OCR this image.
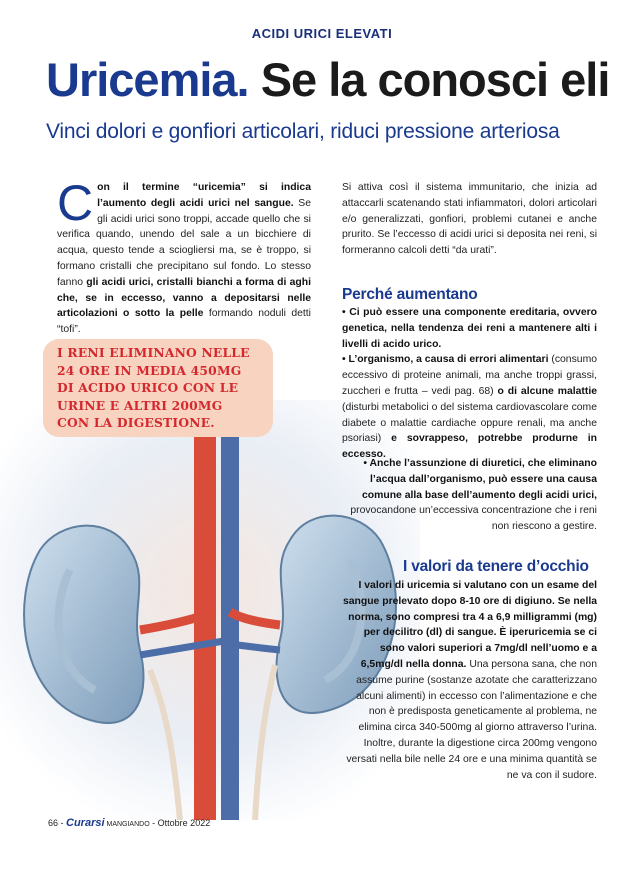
ACIDI URICI ELEVATI
Uricemia. Se la conosci eli
Vinci dolori e gonfiori articolari, riduci pressione arteriosa
I RENI ELIMINANO NELLE 24 ORE IN MEDIA 450MG DI ACIDO URICO CON LE URINE E ALTRI 200MG CON LA DIGESTIONE.

Con il termine “uricemia” si indica l’aumento degli acidi urici nel sangue. Se gli acidi urici sono troppi, accade quello che si verifica quando, unendo del sale a un bicchiere di acqua, questo tende a sciogliersi ma, se è troppo, si formano cristalli che precipitano sul fondo. Lo stesso fanno gli acidi urici, cristalli bianchi a forma di aghi che, se in eccesso, vanno a depositarsi nelle articolazioni o sotto la pelle formando noduli detti “tofi”.

Si attiva così il sistema immunitario, che inizia ad attaccarli scatenando stati infiammatori, dolori articolari e/o generalizzati, gonfiori, problemi cutanei e anche prurito. Se l’eccesso di acidi urici si deposita nei reni, si formeranno calcoli detti “da urati”.

Perché aumentano

• Ci può essere una componente ereditaria, ovvero genetica, nella tendenza dei reni a mantenere alti i livelli di acido urico.

• L’organismo, a causa di errori alimentari (consumo eccessivo di proteine animali, ma anche troppi grassi, zuccheri e frutta – vedi pag. 68) o di alcune malattie (disturbi metabolici o del sistema cardiovascolare come diabete o malattie cardiache oppure renali, ma anche psoriasi) e sovrappeso, potrebbe produrne in eccesso.

• Anche l’assunzione di diuretici, che eliminano l’acqua dall’organismo, può essere una causa comune alla base dell’aumento degli acidi urici, provocandone un’eccessiva concentrazione che i reni non riescono a gestire.

I valori da tenere d’occhio

I valori di uricemia si valutano con un esame del sangue prelevato dopo 8-10 ore di digiuno. Se nella norma, sono compresi tra 4 a 6,9 milligrammi (mg) per decilitro (dl) di sangue. È iperuricemia se ci sono valori superiori a 7mg/dl nell’uomo e a 6,5mg/dl nella donna. Una persona sana, che non assume purine (sostanze azotate che caratterizzano alcuni alimenti) in eccesso con l’alimentazione e che non è predisposta geneticamente al problema, ne elimina circa 340-500mg al giorno attraverso l’urina. Inoltre, durante la digestione circa 200mg vengono versati nella bile nelle 24 ore e una minima quantità se ne va con il sudore.

66 - Curarsi MANGIANDO - Ottobre 2022
